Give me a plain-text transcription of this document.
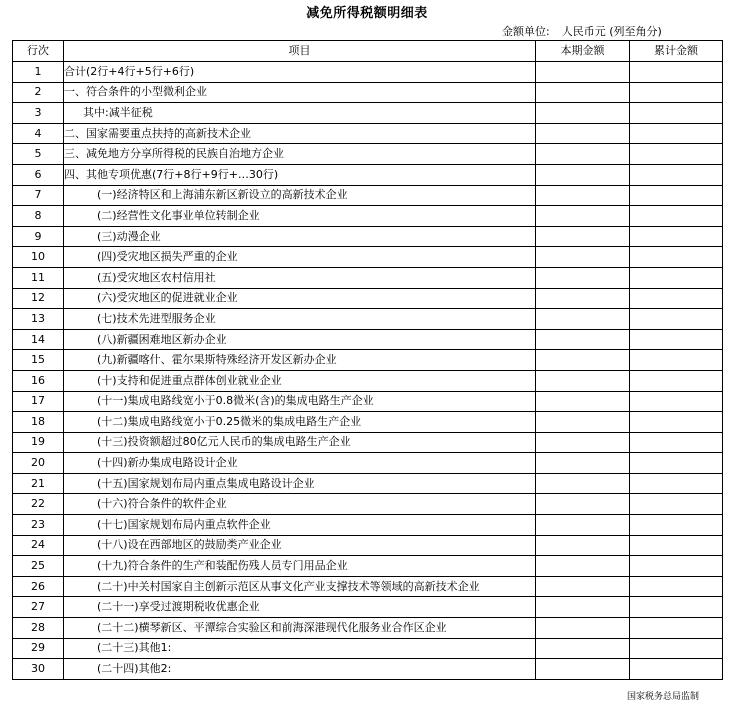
减免所得税额明细表
金额单位: 人民币元 (列至角分)
行次	项目	本期金额	累计金额
1	合计(2行+4行+5行+6行)		
2	一、符合条件的小型微利企业		
3	其中:减半征税		
4	二、国家需要重点扶持的高新技术企业		
5	三、减免地方分享所得税的民族自治地方企业		
6	四、其他专项优惠(7行+8行+9行+…30行)		
7	(一)经济特区和上海浦东新区新设立的高新技术企业		
8	(二)经营性文化事业单位转制企业		
9	(三)动漫企业		
10	(四)受灾地区损失严重的企业		
11	(五)受灾地区农村信用社		
12	(六)受灾地区的促进就业企业		
13	(七)技术先进型服务企业		
14	(八)新疆困难地区新办企业		
15	(九)新疆喀什、霍尔果斯特殊经济开发区新办企业		
16	(十)支持和促进重点群体创业就业企业		
17	(十一)集成电路线宽小于0.8微米(含)的集成电路生产企业		
18	(十二)集成电路线宽小于0.25微米的集成电路生产企业		
19	(十三)投资额超过80亿元人民币的集成电路生产企业		
20	(十四)新办集成电路设计企业		
21	(十五)国家规划布局内重点集成电路设计企业		
22	(十六)符合条件的软件企业		
23	(十七)国家规划布局内重点软件企业		
24	(十八)设在西部地区的鼓励类产业企业		
25	(十九)符合条件的生产和装配伤残人员专门用品企业		
26	(二十)中关村国家自主创新示范区从事文化产业支撑技术等领域的高新技术企业		
27	(二十一)享受过渡期税收优惠企业		
28	(二十二)横琴新区、平潭综合实验区和前海深港现代化服务业合作区企业		
29	(二十三)其他1:		
30	(二十四)其他2:		
国家税务总局监制
